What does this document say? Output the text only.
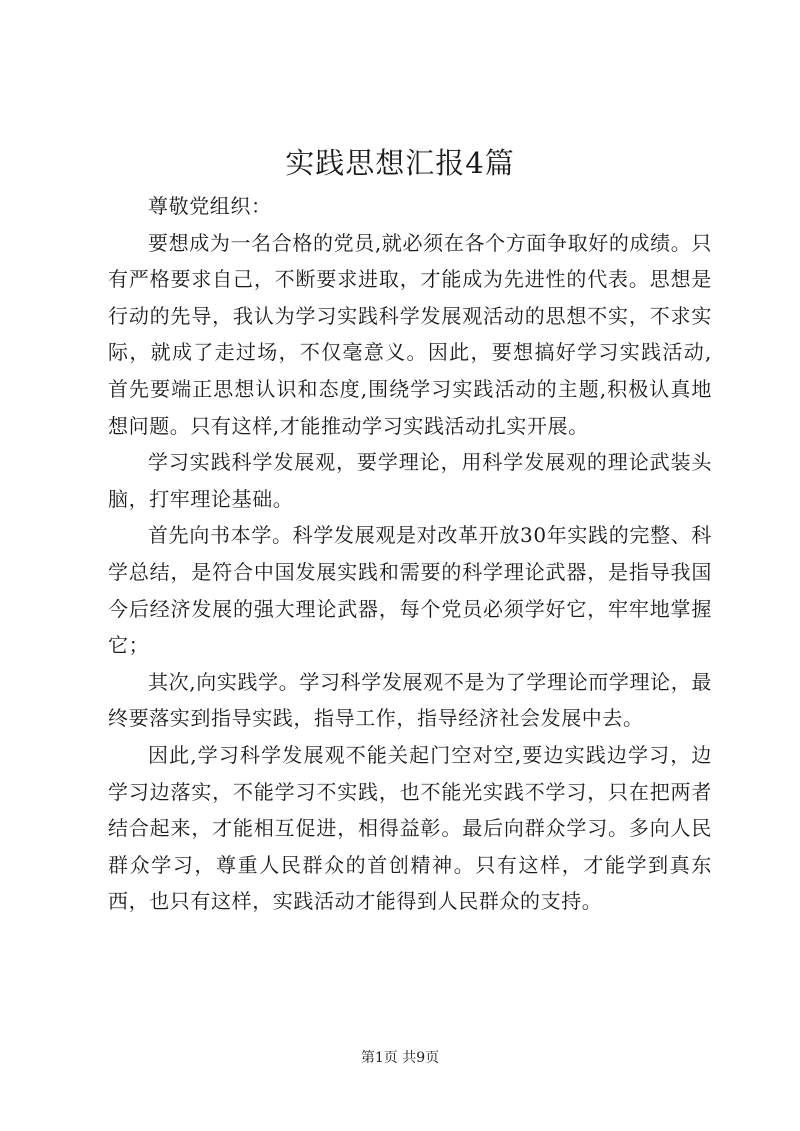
实践思想汇报4篇

尊敬党组织：

要想成为一名合格的党员,就必须在各个方面争取好的成绩。只有严格要求自己，不断要求进取，才能成为先进性的代表。思想是行动的先导，我认为学习实践科学发展观活动的思想不实，不求实际，就成了走过场，不仅毫意义。因此，要想搞好学习实践活动,首先要端正思想认识和态度,围绕学习实践活动的主题,积极认真地想问题。只有这样,才能推动学习实践活动扎实开展。

学习实践科学发展观，要学理论，用科学发展观的理论武装头脑，打牢理论基础。

首先向书本学。科学发展观是对改革开放30年实践的完整、科学总结，是符合中国发展实践和需要的科学理论武器，是指导我国今后经济发展的强大理论武器，每个党员必须学好它，牢牢地掌握它；

其次,向实践学。学习科学发展观不是为了学理论而学理论，最终要落实到指导实践，指导工作，指导经济社会发展中去。

因此,学习科学发展观不能关起门空对空,要边实践边学习，边学习边落实，不能学习不实践，也不能光实践不学习，只在把两者结合起来，才能相互促进，相得益彰。最后向群众学习。多向人民群众学习，尊重人民群众的首创精神。只有这样，才能学到真东西，也只有这样，实践活动才能得到人民群众的支持。

第1页 共9页
